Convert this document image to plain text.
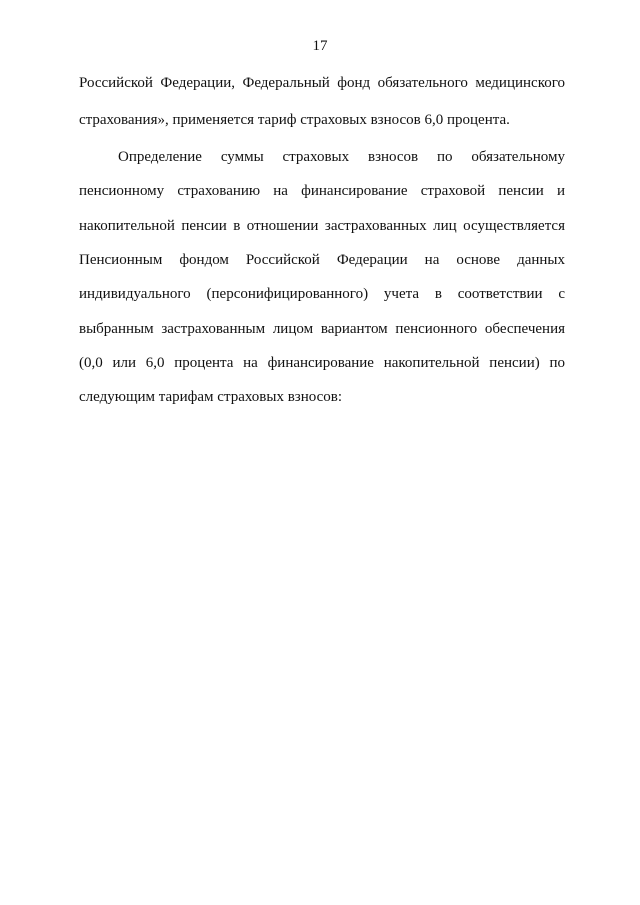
17
Российской Федерации, Федеральный фонд обязательного медицинского
страхования», применяется тариф страховых взносов 6,0 процента.
Определение суммы страховых взносов по обязательному
пенсионному страхованию на финансирование страховой пенсии и
накопительной пенсии в отношении застрахованных лиц осуществляется
Пенсионным фондом Российской Федерации на основе данных
индивидуального (персонифицированного) учета в соответствии с
выбранным застрахованным лицом вариантом пенсионного обеспечения
(0,0 или 6,0 процента на финансирование накопительной пенсии) по
следующим тарифам страховых взносов:
